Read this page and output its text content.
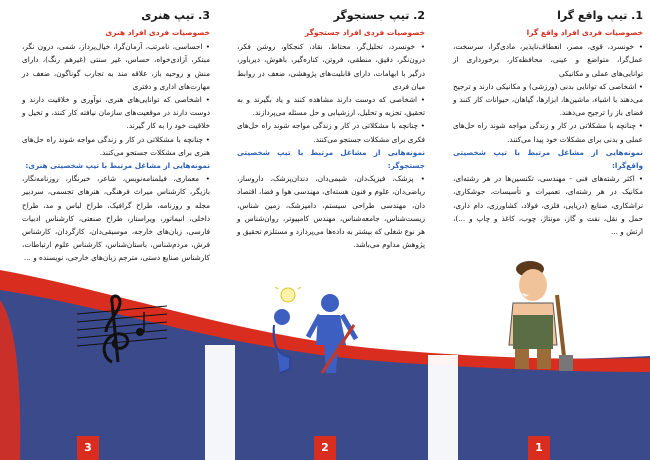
1. تیپ واقع گرا
خصوصیات فردی افراد واقع گرا

• خونسرد، قوی، مصر، انعطاف‌ناپذیر، مادی‌گرا، سرسخت، عمل‌گرا، متواضع و عینی، محافظه‌کار، برخورداری از توانایی‌های عملی و مکانیکی

• اشخاصی که توانایی بدنی (ورزشی) و مکانیکی دارند و ترجیح می‌دهند با اشیاء، ماشین‌ها، ابزارها، گیاهان، حیوانات کار کنند و فضای باز را ترجیح می‌دهند.

• چنانچه با مشکلاتی در کار و زندگی مواجه شوند راه حل‌های عملی و بدنی برای مشکلات خود پیدا می‌کنند.

نمونه‌هایی از مشاغل مرتبط با تیپ شخصیتی واقع‌گرا:

• اکثر رشته‌های فنی - مهندسی، تکنسین‌ها در هر رشته‌ای، مکانیک در هر رشته‌ای، تعمیرات و تأسیسات، جوشکاری، تراشکاری، صنایع (دریایی، فلزی، فولاد، کشاورزی، دام داری، حمل و نقل، نفت و گاز، مونتاژ، چوب، کاغذ و چاپ و ...)، ارتش و ...

2. تیپ جستجوگر
خصوصیات فردی افراد جستجوگر

• خونسرد، تحلیل‌گر، محتاط، نقاد، کنجکاو، روشن فکر، درون‌نگر، دقیق، منطقی، فروتن، کناره‌گیر، باهوش، دیرباور، درگیر با ابهامات، دارای قابلیت‌های پژوهشی، ضعف در روابط میان فردی

• اشخاصی که دوست دارند مشاهده کنند و یاد بگیرند و به تحقیق، تجزیه و تحلیل، ارزشیابی و حل مسئله می‌پردازند.

• چنانچه با مشکلاتی در کار و زندگی مواجه شوند راه حل‌های فکری برای مشکلات جستجو می‌کنند.

نمونه‌هایی از مشاغل مرتبط با تیپ شخصیتی جستجوگر:

• پزشک، فیزیک‌دان، شیمی‌دان، دندان‌پزشک، داروساز، ریاضی‌دان، علوم و فنون هسته‌ای، مهندسی هوا و فضا، اقتصاد دان، مهندسی طراحی سیستم، دامپزشک، زمین شناس، زیست‌شناس، جامعه‌شناس، مهندس کامپیوتر، روان‌شناس و هر نوع شغلی که بیشتر به داده‌ها می‌پردازد و مستلزم تحقیق و پژوهش مداوم می‌باشد.

3. تیپ هنری
خصوصیات فردی افراد هنری

• احساسی، نامرتب، آرمان‌گرا، خیال‌پرداز، شمی، درون نگر، مبتکر، آزادی‌خواه، حساس، غیر سنتی (غیرهم رنگ)، دارای منش و روحیه باز، علاقه مند به تجارب گوناگون، ضعف در مهارت‌های اداری و دفتری

• اشخاصی که توانایی‌های هنری، نوآوری و خلاقیت دارند و دوست دارند در موقعیت‌های سازمان نیافته کار کنند، و تخیل و خلاقیت خود را به کار گیرند.

• چنانچه با مشکلاتی در کار و زندگی مواجه شوند راه حل‌های هنری برای مشکلات جستجو می‌کنند.

نمونه‌هایی از مشاغل مرتبط با تیپ شخصیتی هنری:

• معماری، فیلمنامه‌نویس، شاعر، خبرنگار، روزنامه‌نگار، بازیگر، کارشناس میراث فرهنگی، هنرهای تجسمی، سردبیر مجله و روزنامه، طراح گرافیک، طراح لباس و مد، طراح داخلی، انیماتور، ویراستار، طراح صنعتی، کارشناس ادبیات فارسی، زبان‌های خارجه، موسیقی‌دان، کارگردان، کارشناس فرش، مردم‌شناس، باستان‌شناس، کارشناس علوم ارتباطات، کارشناس صنایع دستی، مترجم زبان‌های خارجی، نویسنده و ...

3	2	1
